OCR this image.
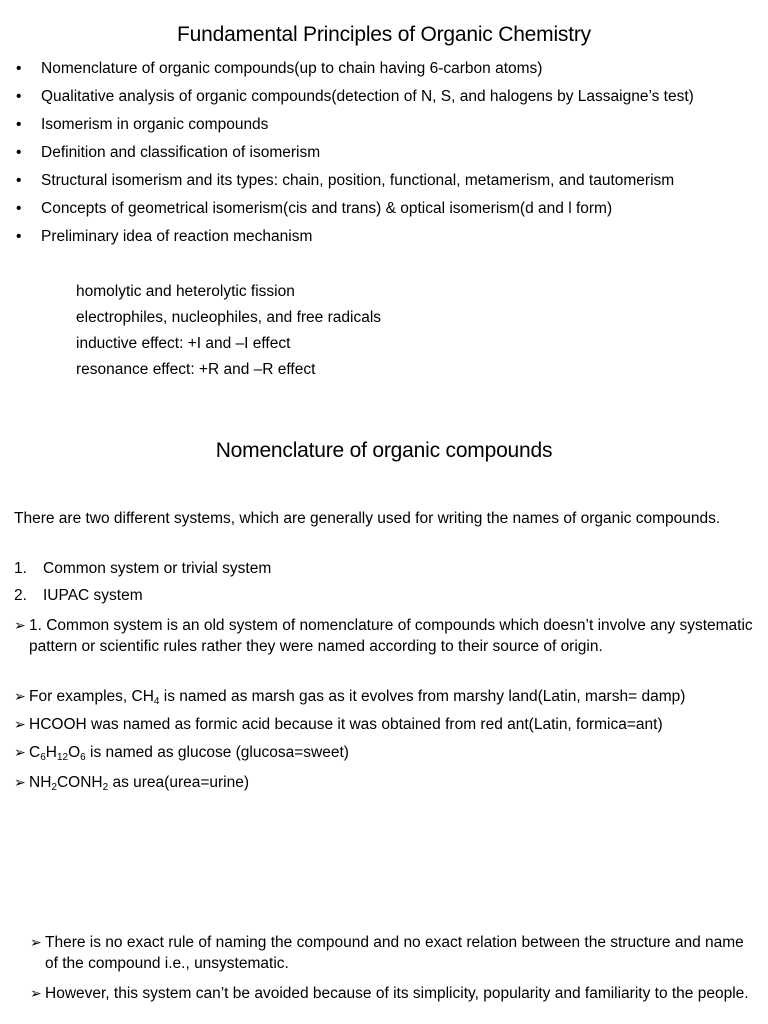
Fundamental Principles of Organic Chemistry
• Nomenclature of organic compounds(up to chain having 6-carbon atoms)
• Qualitative analysis of organic compounds(detection of N, S, and halogens by Lassaigne’s test)
• Isomerism in organic compounds
• Definition and classification of isomerism
• Structural isomerism and its types: chain, position, functional, metamerism, and tautomerism
• Concepts of geometrical isomerism(cis and trans) & optical isomerism(d and l form)
• Preliminary idea of reaction mechanism
homolytic and heterolytic fission
electrophiles, nucleophiles, and free radicals
inductive effect: +I and –I effect
resonance effect: +R and –R effect
Nomenclature of organic compounds
There are two different systems, which are generally used for writing the names of organic compounds.
1. Common system or trivial system
2. IUPAC system
➢ 1. Common system is an old system of nomenclature of compounds which doesn’t involve any systematic pattern or scientific rules rather they were named according to their source of origin.
➢ For examples, $CH_4$ is named as marsh gas as it evolves from marshy land(Latin, marsh= damp)
➢ HCOOH was named as formic acid because it was obtained from red ant(Latin, formica=ant)
➢ $C_6H_{12}O_6$ is named as glucose (glucosa=sweet)
➢ $NH_2CONH_2$ as urea(urea=urine)
➢ There is no exact rule of naming the compound and no exact relation between the structure and name of the compound i.e., unsystematic.
➢ However, this system can’t be avoided because of its simplicity, popularity and familiarity to the people.
